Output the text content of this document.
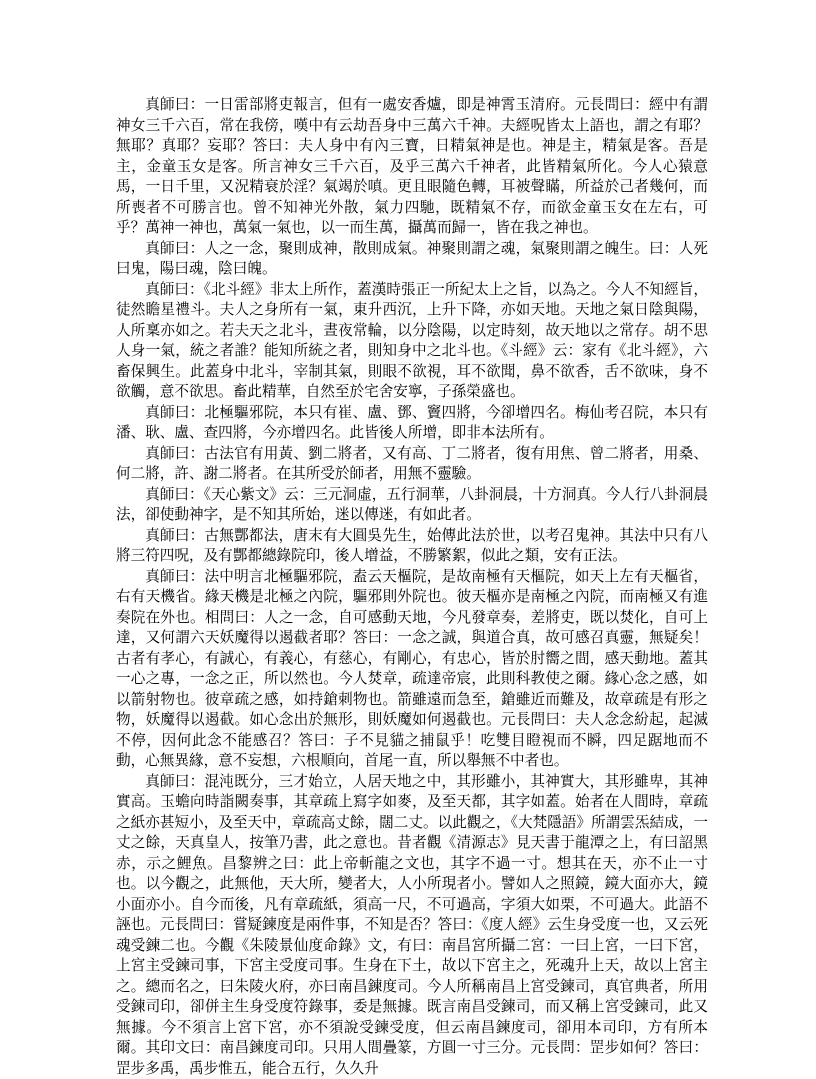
真師曰：一日雷部將吏報言，但有一處安香爐，即是神霄玉清府。元長問曰：經中有謂神女三千六百，常在我傍，嘆中有云劫吾身中三萬六千神。夫經呪皆太上語也，謂之有耶？無耶？真耶？妄耶？答曰：夫人身中有內三寶，日精氣神是也。神是主，精氣是客。吾是主，金童玉女是客。所言神女三千六百，及乎三萬六千神者，此皆精氣所化。今人心猿意馬，一日千里，又況精衰於淫？氣竭於嗔。更且眼隨色轉，耳被聲瞞，所益於己者幾何，而所喪者不可勝言也。曾不知神光外散，氣力四馳，既精氣不存，而欲金童玉女在左右，可乎？萬神一神也，萬氣一氣也，以一而生萬，攝萬而歸一，皆在我之神也。

真師曰：人之一念，聚則成神，散則成氣。神聚則謂之魂，氣聚則謂之魄生。曰：人死曰鬼，陽曰魂，陰曰魄。

真師曰：《北斗經》非太上所作，蓋漢時張正一所紀太上之旨，以為之。今人不知經旨，徒然瞻星禮斗。夫人之身所有一氣，東升西沉，上升下降，亦如天地。天地之氣日陰與陽，人所稟亦如之。若夫天之北斗，晝夜常輪，以分陰陽，以定時刻，故天地以之常存。胡不思人身一氣，統之者誰？能知所統之者，則知身中之北斗也。《斗經》云：家有《北斗經》，六畜保興生。此蓋身中北斗，宰制其氣，則眼不欲視，耳不欲聞，鼻不欲香，舌不欲味，身不欲觸，意不欲思。畜此精華，自然至於宅舍安寧，子孫榮盛也。

真師曰：北極驅邪院，本只有崔、盧、鄧、竇四將，今卻增四名。梅仙考召院，本只有潘、耿、盧、查四將，今亦增四名。此皆後人所增，即非本法所有。

真師曰：古法官有用黃、劉二將者，又有高、丁二將者，復有用焦、曾二將者，用桑、何二將，許、謝二將者。在其所受於師者，用無不靈驗。

真師曰：《天心紫文》云：三元洞虛，五行洞華，八卦洞晨，十方洞真。今人行八卦洞晨法，卻使動神字，是不知其所始，迷以傳迷，有如此者。

真師曰：古無酆都法，唐末有大圓吳先生，始傳此法於世，以考召鬼神。其法中只有八將三符四呪，及有酆都總錄院印，後人增益，不勝繁絮，似此之類，安有正法。

真師曰：法中明言北極驅邪院，盍云天樞院，是故南極有天樞院，如天上左有天樞省，右有天機省。緣天機是北極之內院，驅邪則外院也。彼天樞亦是南極之內院，而南極又有進奏院在外也。相問曰：人之一念，自可感動天地，今凡發章奏，差將吏，既以焚化，自可上達，又何謂六天妖魔得以遏截者耶？答曰：一念之誠，與道合真，故可感召真靈，無疑矣！古者有孝心，有誠心，有義心，有慈心，有剛心，有忠心，皆於肘嚮之間，感天動地。蓋其一心之專，一念之正，所以然也。今人焚章，疏達帝宸，此則科教使之爾。緣心念之感，如以箭射物也。彼章疏之感，如持鎗刺物也。箭雖遠而急至，鎗雖近而難及，故章疏是有形之物，妖魔得以遏截。如心念出於無形，則妖魔如何遏截也。元長問曰：夫人念念紛起，起滅不停，因何此念不能感召？答曰：子不見貓之捕鼠乎！吃雙目瞪視而不瞬，四足踞地而不動，心無異緣，意不妄想，六根順向，首尾一直，所以舉無不中者也。

真師曰：混沌既分，三才始立，人居天地之中，其形雖小，其神實大，其形雖卑，其神實高。玉蟾向時詣闕奏事，其章疏上寫字如麥，及至天都，其字如蓋。始者在人間時，章疏之紙亦甚短小，及至天中，章疏高丈餘，闊二丈。以此觀之，《大梵隱語》所謂雲炁結成，一丈之餘，天真皇人，按筆乃書，此之意也。昔者觀《清源志》見天書于龍潭之上，有曰詔黑赤，示之鯉魚。昌黎辨之曰：此上帝斬龍之文也，其字不過一寸。想其在天，亦不止一寸也。以今觀之，此無他，天大所，變者大，人小所現者小。譬如人之照鏡，鏡大面亦大，鏡小面亦小。自今而後，凡有章疏紙，須高一尺，不可過高，字須大如栗，不可過大。此語不誣也。元長問曰：嘗疑鍊度是兩件事，不知是否？答曰：《度人經》云生身受度一也，又云死魂受鍊二也。今觀《朱陵景仙度命錄》文，有曰：南昌宮所攝二宮：一曰上宮，一曰下宮，上宮主受鍊司事，下宮主受度司事。生身在下土，故以下宮主之，死魂升上天，故以上宮主之。總而名之，曰朱陵火府，亦曰南昌鍊度司。今人所稱南昌上宮受鍊司，真官典者，所用受鍊司印，卻併主生身受度符錄事，委是無據。既言南昌受鍊司，而又稱上宮受鍊司，此又無據。今不須言上宮下宮，亦不須說受鍊受度，但云南昌鍊度司，卻用本司印，方有所本爾。其印文曰：南昌鍊度司印。只用人間疊篆，方圓一寸三分。元長問：罡步如何？答曰：罡步多禹，禹步惟五，能合五行，久久升
